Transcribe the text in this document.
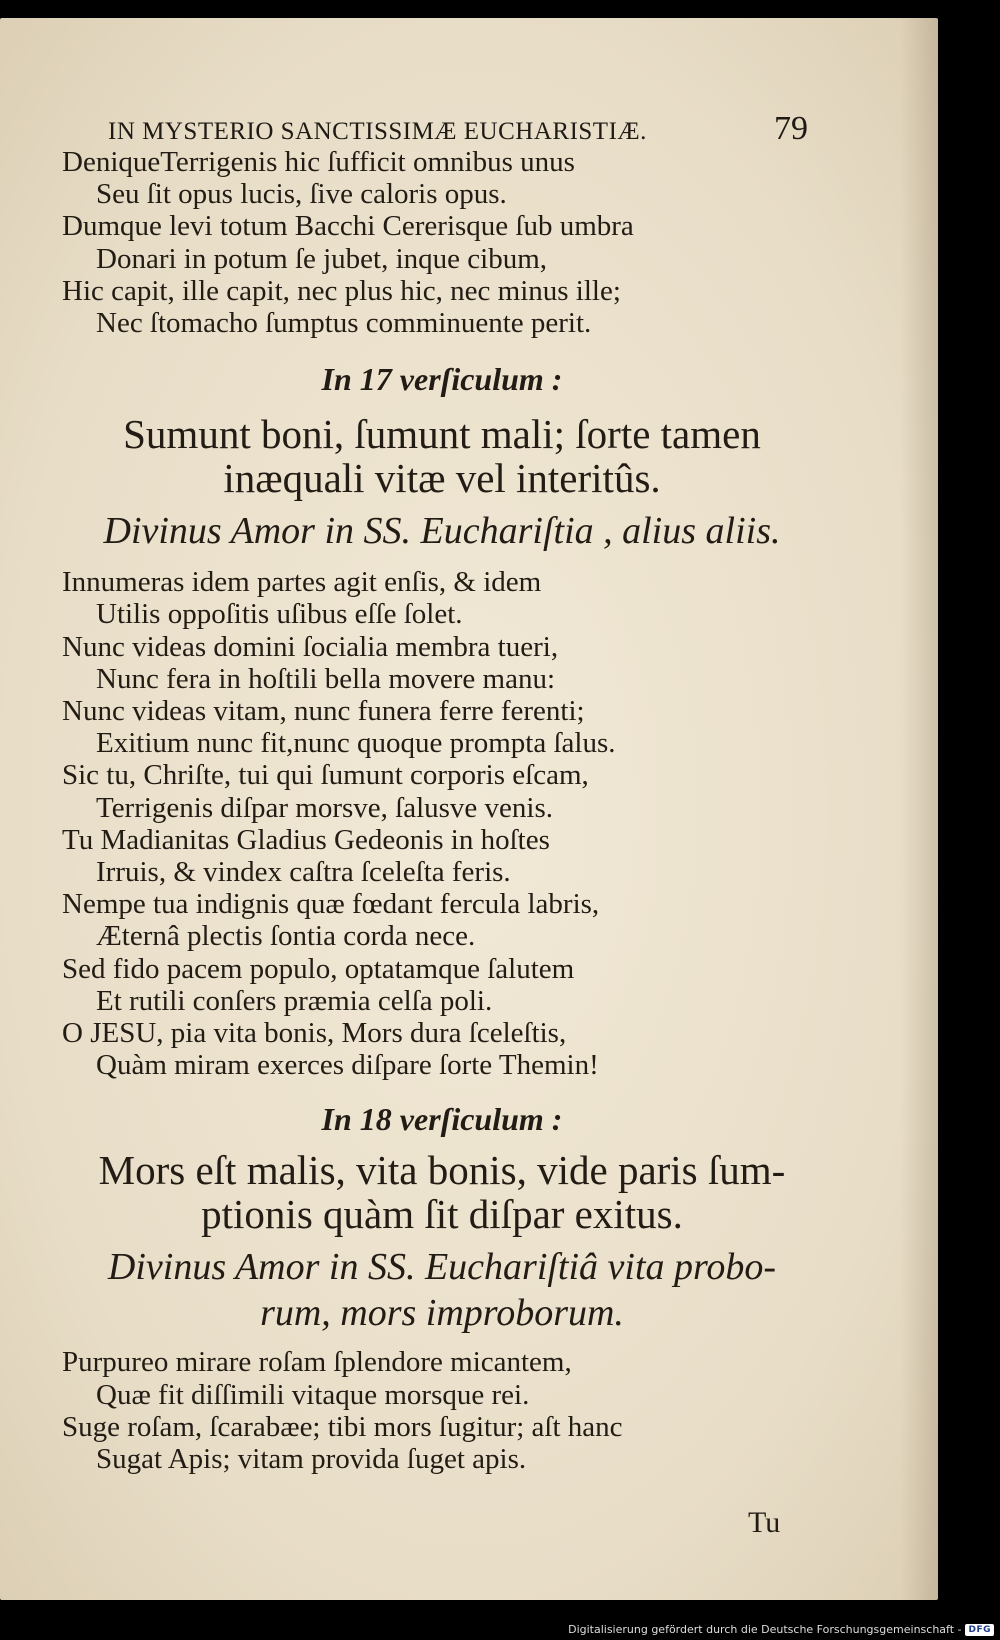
IN MYSTERIO SANCTISSIMÆ EUCHARISTIÆ.	79
DeniqueTerrigenis hic ſufficit omnibus unus
Seu ſit opus lucis, ſive caloris opus.
Dumque levi totum Bacchi Cererisque ſub umbra
Donari in potum ſe jubet, inque cibum,
Hic capit, ille capit, nec plus hic, nec minus ille;
Nec ſtomacho ſumptus comminuente perit.

In 17 verſiculum :

Sumunt boni, ſumunt mali; ſorte tamen

inæquali vitæ vel interitûs.

Divinus Amor in SS. Euchariſtia , alius aliis.

Innumeras idem partes agit enſis, & idem
Utilis oppoſitis uſibus eſſe ſolet.
Nunc videas domini ſocialia membra tueri,
Nunc fera in hoſtili bella movere manu:
Nunc videas vitam, nunc funera ferre ferenti;
Exitium nunc fit,nunc quoque prompta ſalus.
Sic tu, Chriſte, tui qui ſumunt corporis eſcam,
Terrigenis diſpar morsve, ſalusve venis.
Tu Madianitas Gladius Gedeonis in hoſtes
Irruis, & vindex caſtra ſceleſta feris.
Nempe tua indignis quæ fœdant fercula labris,
Æternâ plectis ſontia corda nece.
Sed fido pacem populo, optatamque ſalutem
Et rutili conſers præmia celſa poli.
O JESU, pia vita bonis, Mors dura ſceleſtis,
Quàm miram exerces diſpare ſorte Themin!

In 18 verſiculum :

Mors eſt malis, vita bonis, vide paris ſum-

ptionis quàm ſit diſpar exitus.

Divinus Amor in SS. Euchariſtiâ vita probo-

rum, mors improborum.

Purpureo mirare roſam ſplendore micantem,
Quæ fit diſſimili vitaque morsque rei.
Suge roſam, ſcarabæe; tibi mors ſugitur; aſt hanc
Sugat Apis; vitam provida ſuget apis.
Tu
Digitalisierung gefördert durch die Deutsche Forschungsgemeinschaft - DFG
